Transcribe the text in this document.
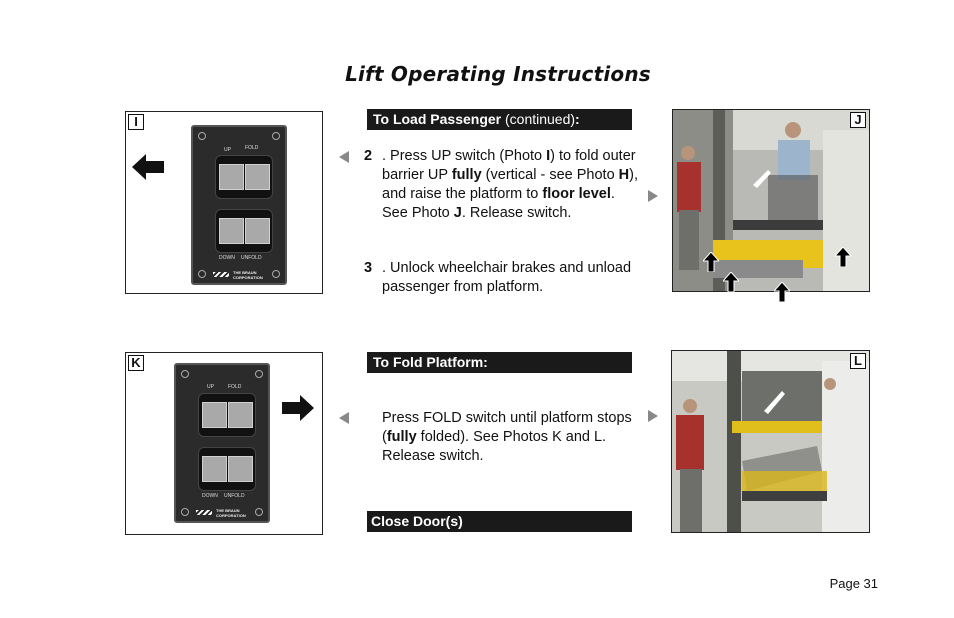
Lift Operating Instructions
I
UP	FOLD
DOWN UNFOLD
THE BRAUN
CORPORATION
To Load Passenger (continued):
2 . Press UP switch (Photo I) to fold outer barrier UP fully (vertical - see Photo H), and raise the platform to floor level. See Photo J. Release switch.
3 . Unlock wheelchair brakes and unload passenger from platform.
J
K
UP	FOLD
DOWN UNFOLD
THE BRAUN
CORPORATION
To Fold Platform:
Press FOLD switch until platform stops (fully folded). See Photos K and L. Release switch.
Close Door(s)
L
Page 31
